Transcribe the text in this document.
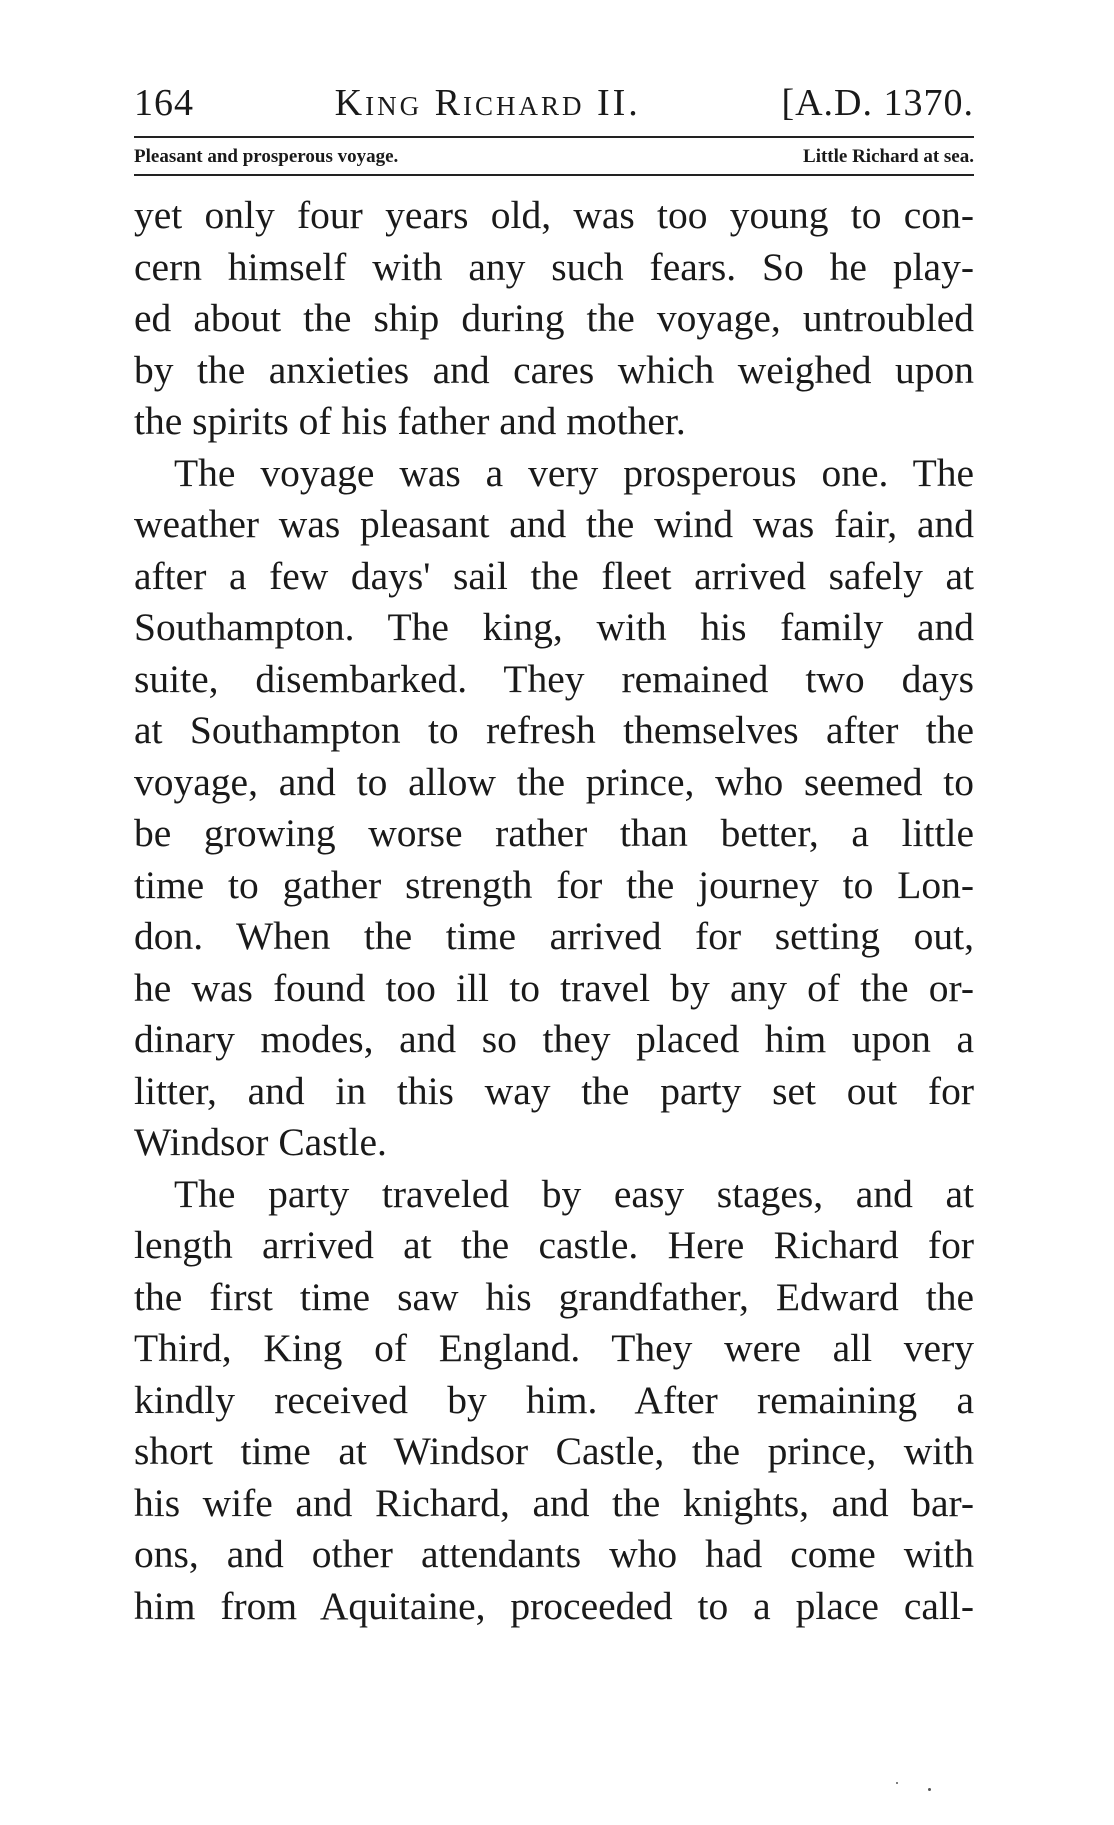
164	King Richard II.	[A.D. 1370.
Pleasant and prosperous voyage.	Little Richard at sea.
yet only four years old, was too young to con-
cern himself with any such fears. So he play-
ed about the ship during the voyage, untroubled
by the anxieties and cares which weighed upon
the spirits of his father and mother.
The voyage was a very prosperous one. The
weather was pleasant and the wind was fair, and
after a few days' sail the fleet arrived safely at
Southampton. The king, with his family and
suite, disembarked. They remained two days
at Southampton to refresh themselves after the
voyage, and to allow the prince, who seemed to
be growing worse rather than better, a little
time to gather strength for the journey to Lon-
don. When the time arrived for setting out,
he was found too ill to travel by any of the or-
dinary modes, and so they placed him upon a
litter, and in this way the party set out for
Windsor Castle.
The party traveled by easy stages, and at
length arrived at the castle. Here Richard for
the first time saw his grandfather, Edward the
Third, King of England. They were all very
kindly received by him. After remaining a
short time at Windsor Castle, the prince, with
his wife and Richard, and the knights, and bar-
ons, and other attendants who had come with
him from Aquitaine, proceeded to a place call-
